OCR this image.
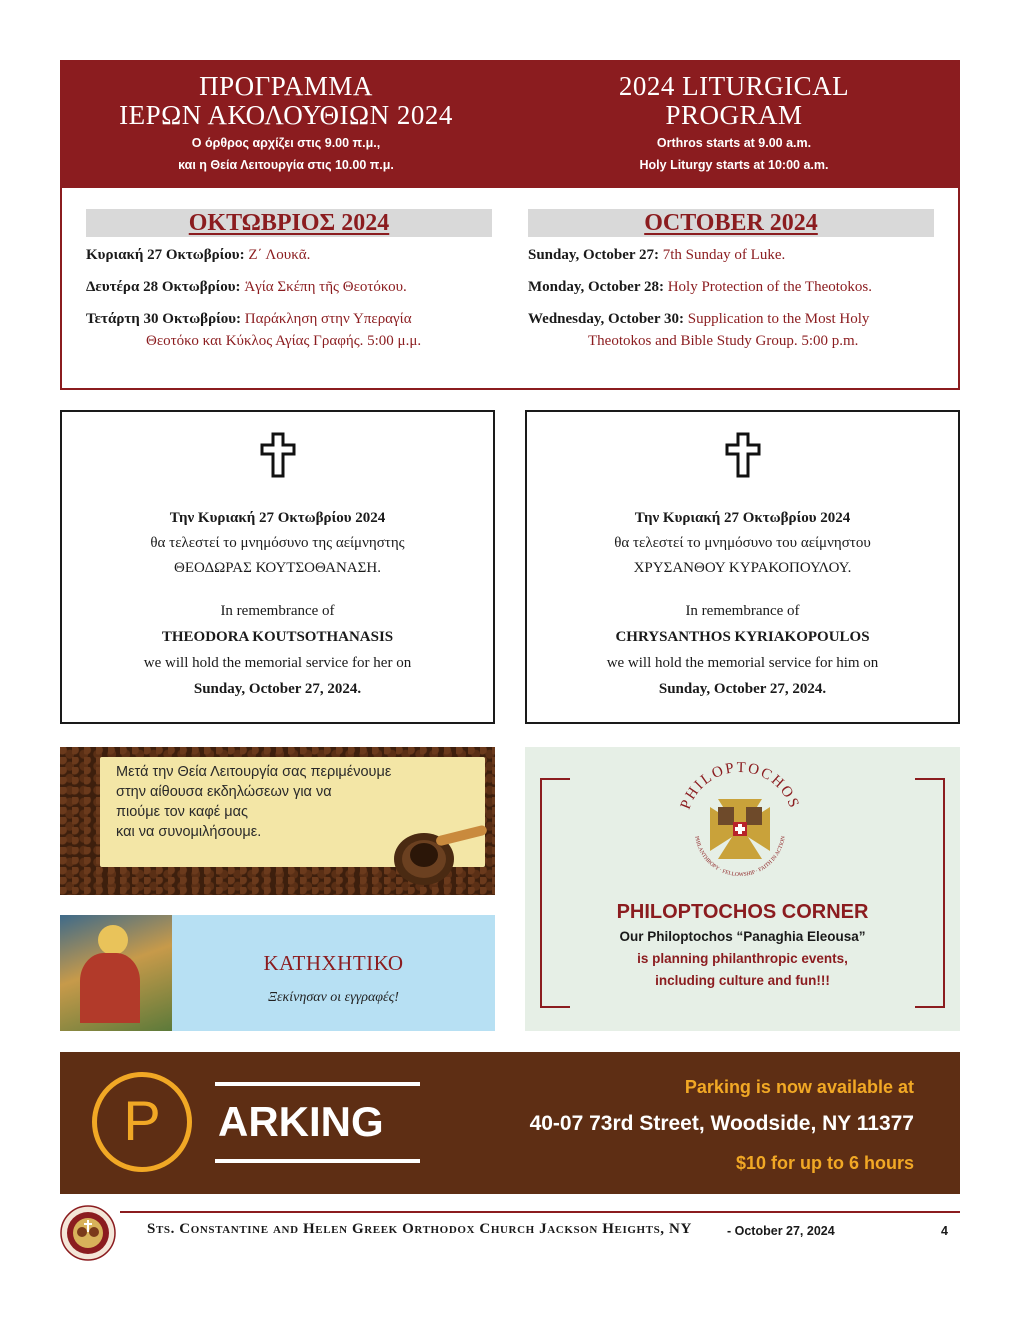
ΠΡΟΓΡΑΜΜΑ
ΙΕΡΩΝ ΑΚΟΛΟΥΘΙΩΝ 2024
Ο όρθρος αρχίζει στις 9.00 π.μ.,
και η Θεία Λειτουργία στις 10.00 π.μ.
2024 LITURGICAL
PROGRAM
Orthros starts at 9.00 a.m.
Holy Liturgy starts at 10:00 a.m.
ΟΚΤΩΒΡΙΟΣ 2024	OCTOBER 2024
Κυριακή 27 Οκτωβρίου: Ζ΄ Λουκᾶ.
Δευτέρα 28 Οκτωβρίου: Ἁγία Σκέπη τῆς Θεοτόκου.
Τετάρτη 30 Οκτωβρίου: Παράκληση στην Υπεραγία
Θεοτόκο και Κύκλος Αγίας Γραφής. 5:00 μ.μ.
Sunday, October 27: 7th Sunday of Luke.
Monday, October 28: Holy Protection of the Theotokos.
Wednesday, October 30: Supplication to the Most Holy
Theotokos and Bible Study Group. 5:00 p.m.
Την Κυριακή 27 Οκτωβρίου 2024
θα τελεστεί το μνημόσυνο της αείμνηστης
ΘΕΟΔΩΡΑΣ ΚΟΥΤΣΟΘΑΝΑΣΗ.
In remembrance of
THEODORA KOUTSOTHANASIS
we will hold the memorial service for her on
Sunday, October 27, 2024.
Την Κυριακή 27 Οκτωβρίου 2024
θα τελεστεί το μνημόσυνο του αείμνηστου
ΧΡΥΣΑΝΘΟΥ ΚΥΡΑΚΟΠΟΥΛΟΥ.
In remembrance of
CHRYSANTHOS KYRIAKOPOULOS
we will hold the memorial service for him on
Sunday, October 27, 2024.
Μετά την Θεία Λειτουργία σας περιμένουμε
στην αίθουσα εκδηλώσεων για να
πιούμε τον καφέ μας
και να συνομιλήσουμε.
ΚΑΤΗΧΗΤΙΚΟ
Ξεκίνησαν οι εγγραφές!
PHILOPTOCHOS
PHILANTHROPY · FELLOWSHIP · FAITH IN ACTION
PHILOPTOCHOS CORNER
Our Philoptochos “Panaghia Eleousa”
is planning philanthropic events,
including culture and fun!!!
P	ARKING
Parking is now available at
40-07 73rd Street, Woodside, NY 11377
$10 for up to 6 hours
Sts. Constantine and Helen Greek Orthodox Church Jackson Heights, NY	- October 27, 2024	4
